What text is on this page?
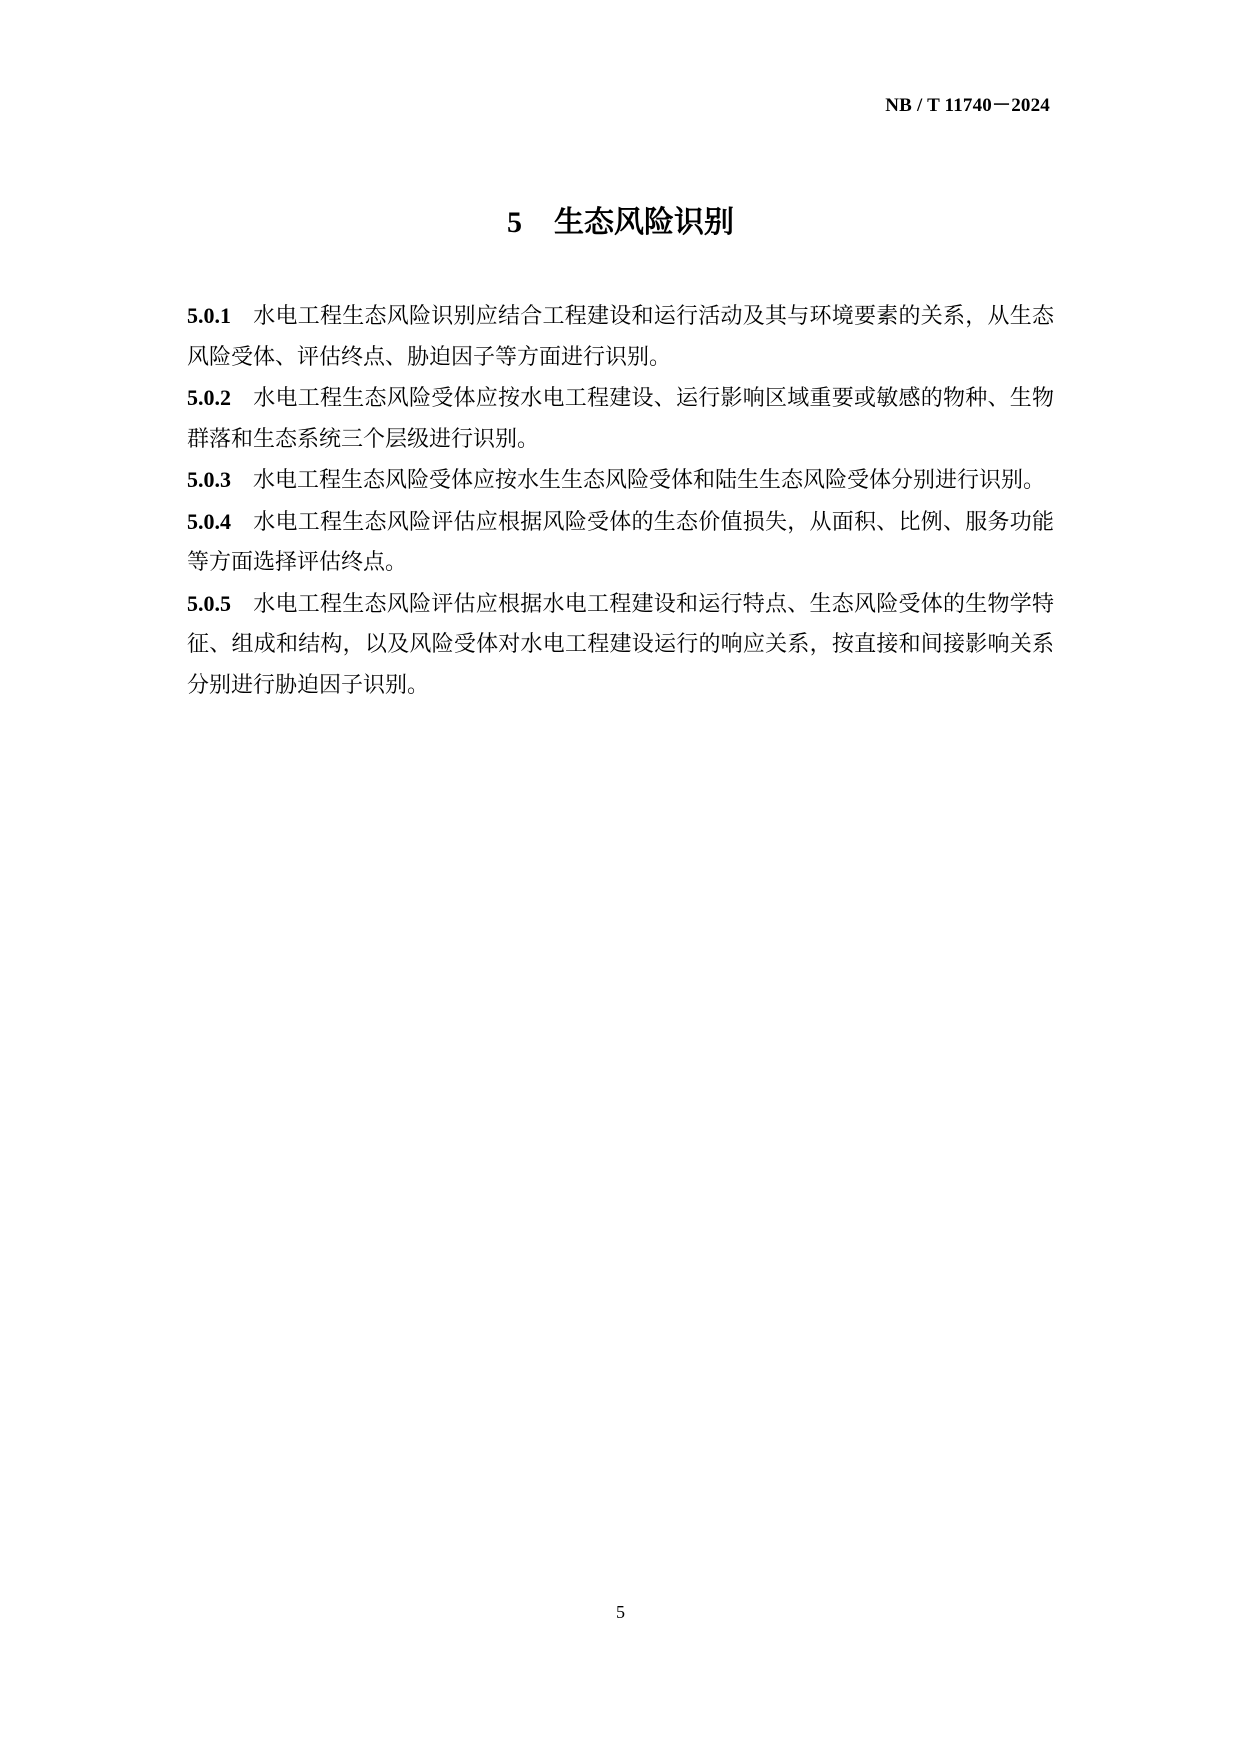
NB / T 11740－2024
5 生态风险识别

5.0.1 水电工程生态风险识别应结合工程建设和运行活动及其与环境要素的关系，从生态风险受体、评估终点、胁迫因子等方面进行识别。

5.0.2 水电工程生态风险受体应按水电工程建设、运行影响区域重要或敏感的物种、生物群落和生态系统三个层级进行识别。

5.0.3 水电工程生态风险受体应按水生生态风险受体和陆生生态风险受体分别进行识别。

5.0.4 水电工程生态风险评估应根据风险受体的生态价值损失，从面积、比例、服务功能等方面选择评估终点。

5.0.5 水电工程生态风险评估应根据水电工程建设和运行特点、生态风险受体的生物学特征、组成和结构，以及风险受体对水电工程建设运行的响应关系，按直接和间接影响关系分别进行胁迫因子识别。

5
